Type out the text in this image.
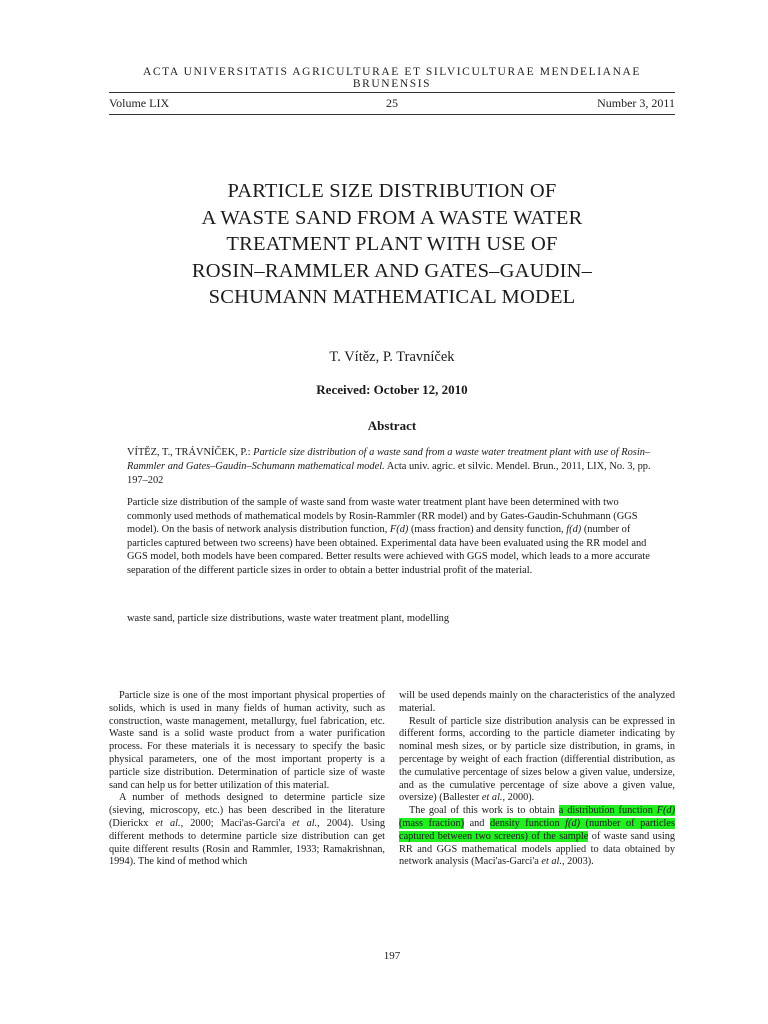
ACTA UNIVERSITATIS AGRICULTURAE ET SILVICULTURAE MENDELIANAE BRUNENSIS
Volume LIX	25	Number 3, 2011
PARTICLE SIZE DISTRIBUTION OF
A WASTE SAND FROM A WASTE WATER
TREATMENT PLANT WITH USE OF
ROSIN–RAMMLER AND GATES–GAUDIN–
SCHUMANN MATHEMATICAL MODEL
T. Vítěz, P. Travníček
Received: October 12, 2010
Abstract
VÍTĚZ, T., TRÁVNÍČEK, P.: Particle size distribution of a waste sand from a waste water treatment plant with use of Rosin–Rammler and Gates–Gaudin–Schumann mathematical model. Acta univ. agric. et silvic. Mendel. Brun., 2011, LIX, No. 3, pp. 197–202
Particle size distribution of the sample of waste sand from waste water treatment plant have been determined with two commonly used methods of mathematical models by Rosin-Rammler (RR model) and by Gates-Gaudin-Schuhmann (GGS model). On the basis of network analysis distribution function, F(d) (mass fraction) and density function, f(d) (number of particles captured between two screens) have been obtained. Experimental data have been evaluated using the RR model and GGS model, both models have been compared. Better results were achieved with GGS model, which leads to a more accurate separation of the different particle sizes in order to obtain a better industrial profit of the material.
waste sand, particle size distributions, waste water treatment plant, modelling

Particle size is one of the most important physical properties of solids, which is used in many fields of human activity, such as construction, waste management, metallurgy, fuel fabrication, etc. Waste sand is a solid waste product from a water purification process. For these materials it is necessary to specify the basic physical parameters, one of the most important property is a particle size distribution. Determination of particle size of waste sand can help us for better utilization of this material.

A number of methods designed to determine particle size (sieving, microscopy, etc.) has been described in the literature (Dierickx et al., 2000; Maci'as-Garci'a et al., 2004). Using different methods to determine particle size distribution can get quite different results (Rosin and Rammler, 1933; Ramakrishnan, 1994). The kind of method which

will be used depends mainly on the characteristics of the analyzed material.

Result of particle size distribution analysis can be expressed in different forms, according to the particle diameter indicating by nominal mesh sizes, or by particle size distribution, in grams, in percentage by weight of each fraction (differential distribution, as the cumulative percentage of sizes below a given value, undersize, and as the cumulative percentage of size above a given value, oversize) (Ballester et al., 2000).

The goal of this work is to obtain a distribution function F(d) (mass fraction) and density function f(d) (number of particles captured between two screens) of the sample of waste sand using RR and GGS mathematical models applied to data obtained by network analysis (Maci'as-Garci'a et al., 2003).

197
